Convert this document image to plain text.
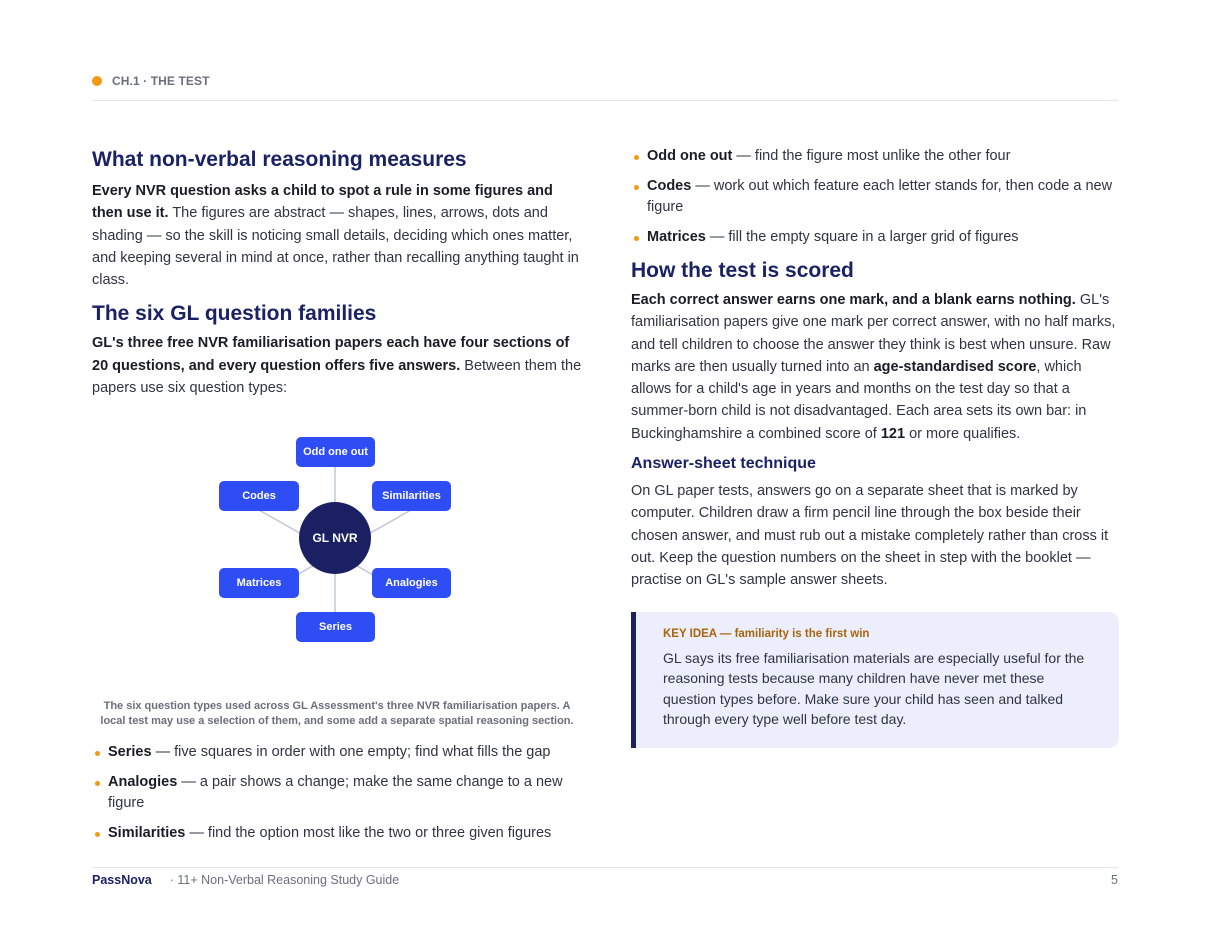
CH.1 · THE TEST
What non-verbal reasoning measures

Every NVR question asks a child to spot a rule in some figures and then use it. The figures are abstract — shapes, lines, arrows, dots and shading — so the skill is noticing small details, deciding which ones matter, and keeping several in mind at once, rather than recalling anything taught in class.

The six GL question families

GL's three free NVR familiarisation papers each have four sections of 20 questions, and every question offers five answers. Between them the papers use six question types:

Odd one out
Codes	Similarities
Matrices	Analogies
Series
GL NVR
The six question types used across GL Assessment's three NVR familiarisation papers. A local test may use a selection of them, and some add a separate spatial reasoning section.
Series — five squares in order with one empty; find what fills the gap
Analogies — a pair shows a change; make the same change to a new figure
Similarities — find the option most like the two or three given figures
Odd one out — find the figure most unlike the other four
Codes — work out which feature each letter stands for, then code a new figure
Matrices — fill the empty square in a larger grid of figures
How the test is scored

Each correct answer earns one mark, and a blank earns nothing. GL's familiarisation papers give one mark per correct answer, with no half marks, and tell children to choose the answer they think is best when unsure. Raw marks are then usually turned into an age-standardised score, which allows for a child's age in years and months on the test day so that a summer-born child is not disadvantaged. Each area sets its own bar: in Buckinghamshire a combined score of 121 or more qualifies.

Answer-sheet technique

On GL paper tests, answers go on a separate sheet that is marked by computer. Children draw a firm pencil line through the box beside their chosen answer, and must rub out a mistake completely rather than cross it out. Keep the question numbers on the sheet in step with the booklet — practise on GL's sample answer sheets.

KEY IDEA — familiarity is the first win

GL says its free familiarisation materials are especially useful for the reasoning tests because many children have never met these question types before. Make sure your child has seen and talked through every type well before test day.

PassNova · 11+ Non-Verbal Reasoning Study Guide	5
